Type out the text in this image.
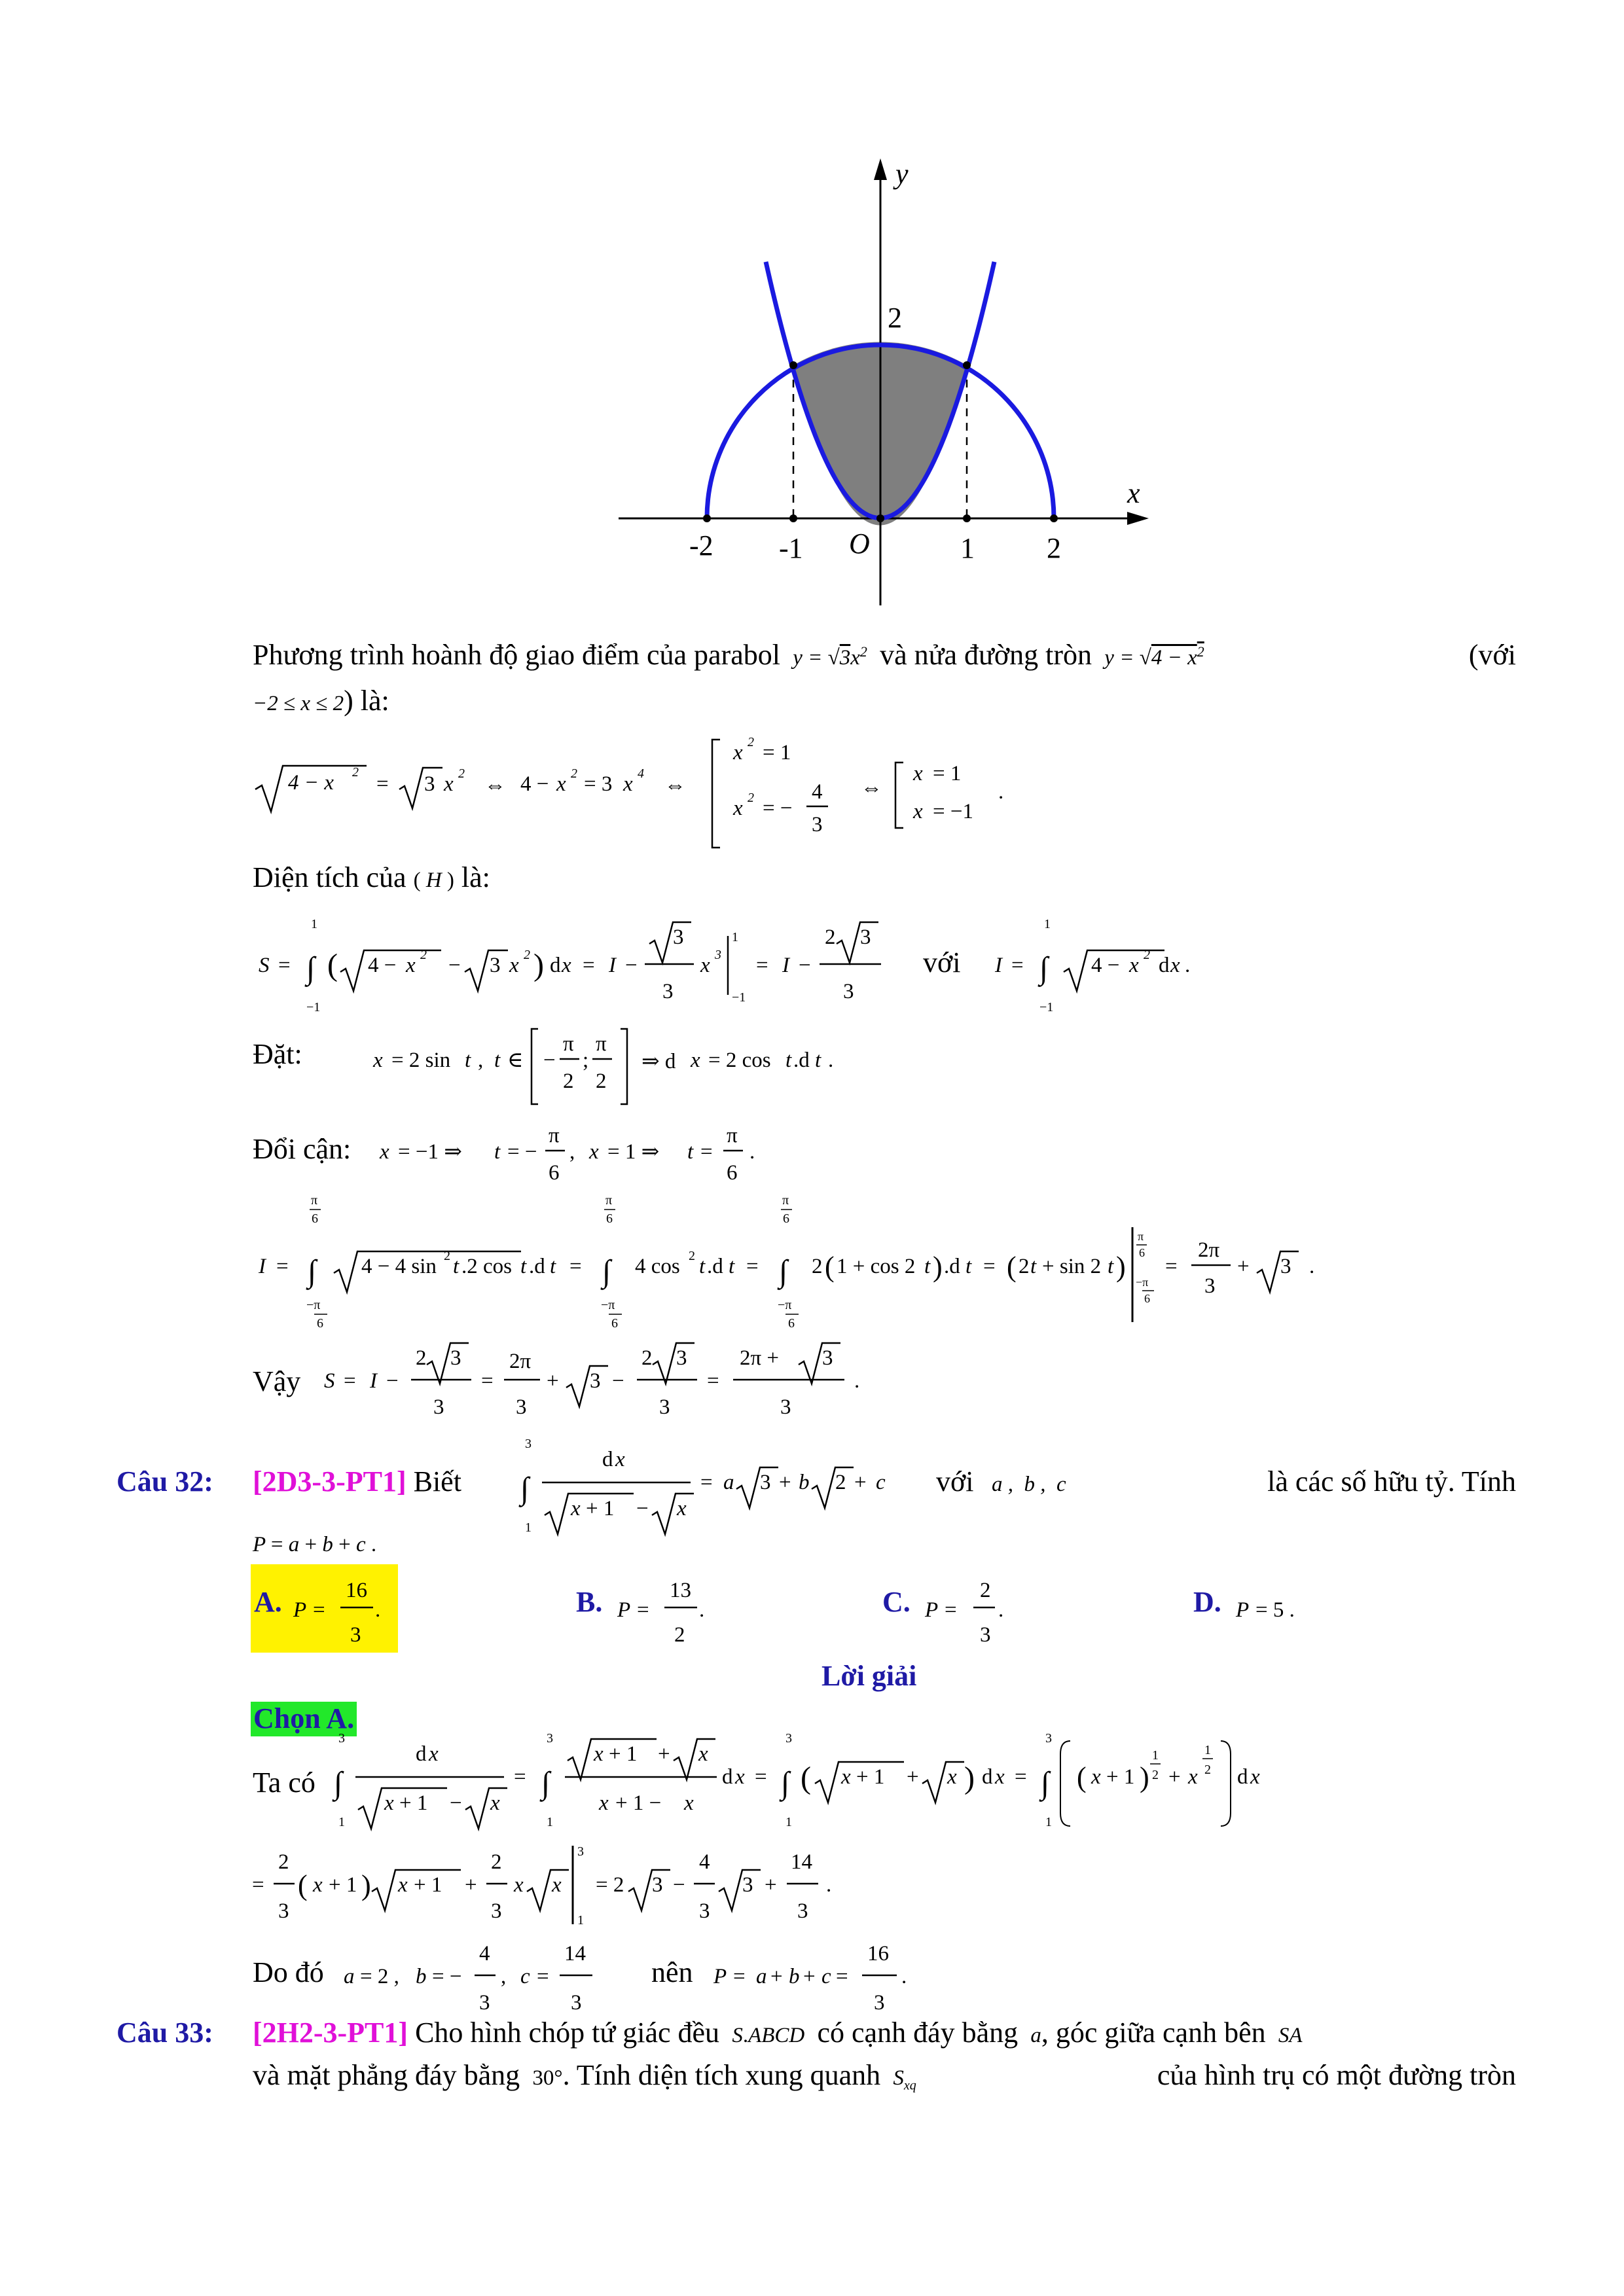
y
x
2
O
-2 -1	1	2
Phương trình hoành độ giao điểm của parabol  $y = √3x^2$ và nửa đường tròn  $y = √4 - x^2$	(với
−2 ≤ x ≤ 2) là:
4 − x 2 = 3 x 2 ⇔ 4 − x 2 = 3 x 4 ⇔
x 2 = 1
x 2 = −
4
3
⇔
x = 1
x = −1
.
Diện tích của ( H ) là:
S =
1
∫
−1
( 4 − x 2 − 3 x 2 ) d x = I −
3
3
x 3
1
−1
= I −
2 3
3
với I =
1
∫
−1
4 − x 2 d x .
Đặt:	x = 2 sin t , t ∈ −
π
2
;
π
2
⇒ d x = 2 cos t .d t .
Đổi cận: x = −1 ⇒ t = −
π
6
, x = 1 ⇒ t =
π
6
.
I =
π
6
∫
−π
6
4 − 4 sin 2 t .2 cos t .d t =
π
6
∫
−π
6
4 cos 2 t .d t =
π
6
∫
−π
6
2 ( 1 + cos 2 t ) .d t = ( 2 t + sin 2 t )
π
6
−π
6
=
2π
3
+ 3 .
Vậy S = I −
2 3
3
=
2π
3
+ 3 −
2 3
3
=
2π + 3
3
.
Câu 32: [2D3-3-PT1] Biết
3
∫
1
d x
x + 1 − x
= a 3 + b 2 + c với   a ,  b ,  c	là các số hữu tỷ. Tính
P = a + b + c .
A. P =
16
3
.
P = 16/3
B. P =
13
2
.
P = 13/2
C. P =
2
3
.
P = 2/3
D. P = 5 .
P = 5
Lời giải
Chọn A.
Ta có
3
∫
1
d x
x + 1 − x
=
3
∫
1
x + 1 + x
x + 1 − x
d x =
3
∫
1
( x + 1 + x ) d x =
3
∫
1
( x + 1 )
1
2 + x
1
2 d x
=
2
3
( x + 1 ) x + 1 +
2
3
x x
3
1
= 2 3 −
4
3
3 +
14
3
.
Do đó a = 2 , b = −
4
3
, c =
14
3
nên P = a + b + c =
16
3
.
Câu 33: [2H2-3-PT1] Cho hình chóp tứ giác đều  S.ABCD  có cạnh đáy bằng  a, góc giữa cạnh bên  SA
và mặt phẳng đáy bằng  30°. Tính diện tích xung quanh  $S_{xq}$	của hình trụ có một đường tròn
